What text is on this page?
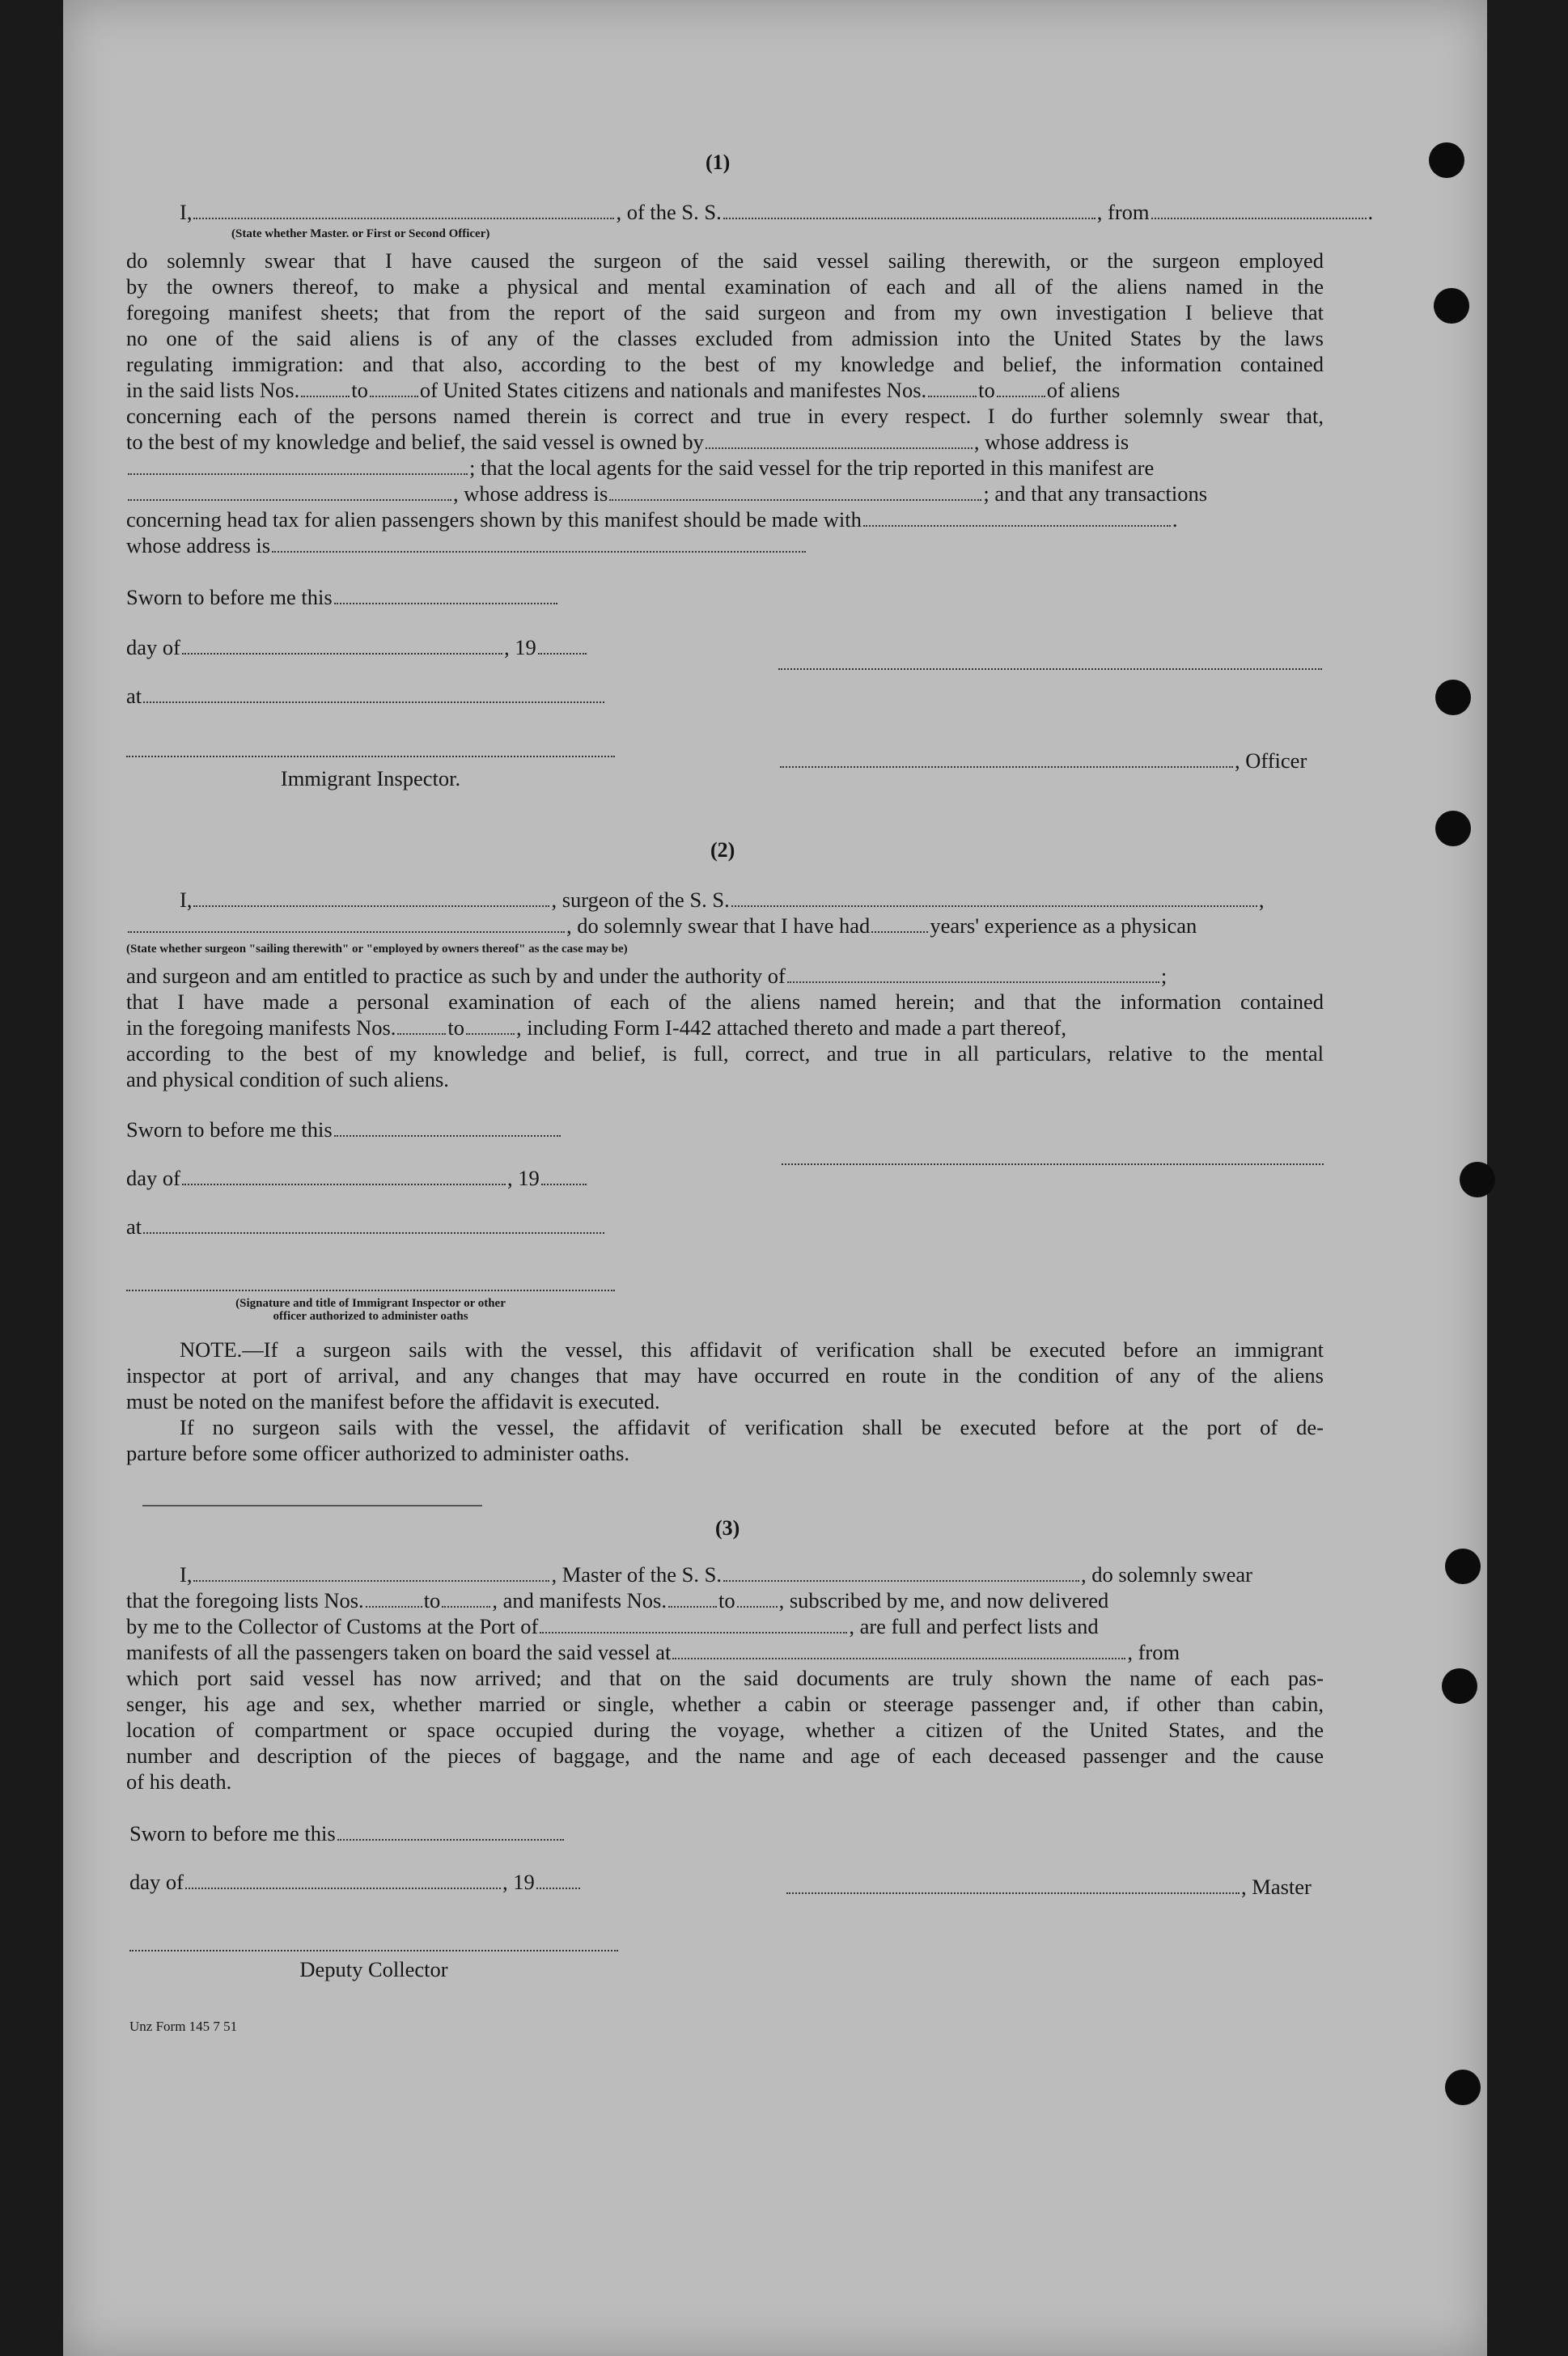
(1)
I,	, of the S. S.	, from	.
(State whether Master. or First or Second Officer)
do solemnly swear that I have caused the surgeon of the said vessel sailing therewith, or the surgeon employed
by the owners thereof, to make a physical and mental examination of each and all of the aliens named in the
foregoing manifest sheets; that from the report of the said surgeon and from my own investigation I believe that
no one of the said aliens is of any of the classes excluded from admission into the United States by the laws
regulating immigration: and that also, according to the best of my knowledge and belief, the information contained
in the said lists Nos. to of United States citizens and nationals and manifestes Nos. to of aliens
concerning each of the persons named therein is correct and true in every respect. I do further solemnly swear that,
to the best of my knowledge and belief, the said vessel is owned by	, whose address is
; that the local agents for the said vessel for the trip reported in this manifest are
, whose address is	; and that any transactions
concerning head tax for alien passengers shown by this manifest should be made with	.
whose address is
Sworn to before me this
day of	, 19
at
, Officer
Immigrant Inspector.
(2)
I,	, surgeon of the S. S.	,
, do solemnly swear that I have had	years' experience as a physican
(State whether surgeon "sailing therewith" or "employed by owners thereof" as the case may be)
and surgeon and am entitled to practice as such by and under the authority of	;
that I have made a personal examination of each of the aliens named herein; and that the information contained
in the foregoing manifests Nos. to , including Form I-442 attached thereto and made a part thereof,
according to the best of my knowledge and belief, is full, correct, and true in all particulars, relative to the mental
and physical condition of such aliens.
Sworn to before me this
day of	, 19
at
(Signature and title of Immigrant Inspector or other
officer authorized to administer oaths
NOTE.—If a surgeon sails with the vessel, this affidavit of verification shall be executed before an immigrant
inspector at port of arrival, and any changes that may have occurred en route in the condition of any of the aliens
must be noted on the manifest before the affidavit is executed.
If no surgeon sails with the vessel, the affidavit of verification shall be executed before at the port of de-
parture before some officer authorized to administer oaths.
(3)
I,	, Master of the S. S.	, do solemnly swear
that the foregoing lists Nos.	to , and manifests Nos. to , subscribed by me, and now delivered
by me to the Collector of Customs at the Port of	, are full and perfect lists and
manifests of all the passengers taken on board the said vessel at	, from
which port said vessel has now arrived; and that on the said documents are truly shown the name of each pas-
senger, his age and sex, whether married or single, whether a cabin or steerage passenger and, if other than cabin,
location of compartment or space occupied during the voyage, whether a citizen of the United States, and the
number and description of the pieces of baggage, and the name and age of each deceased passenger and the cause
of his death.
Sworn to before me this
day of	, 19	, Master
Deputy Collector
Unz Form 145 7 51
